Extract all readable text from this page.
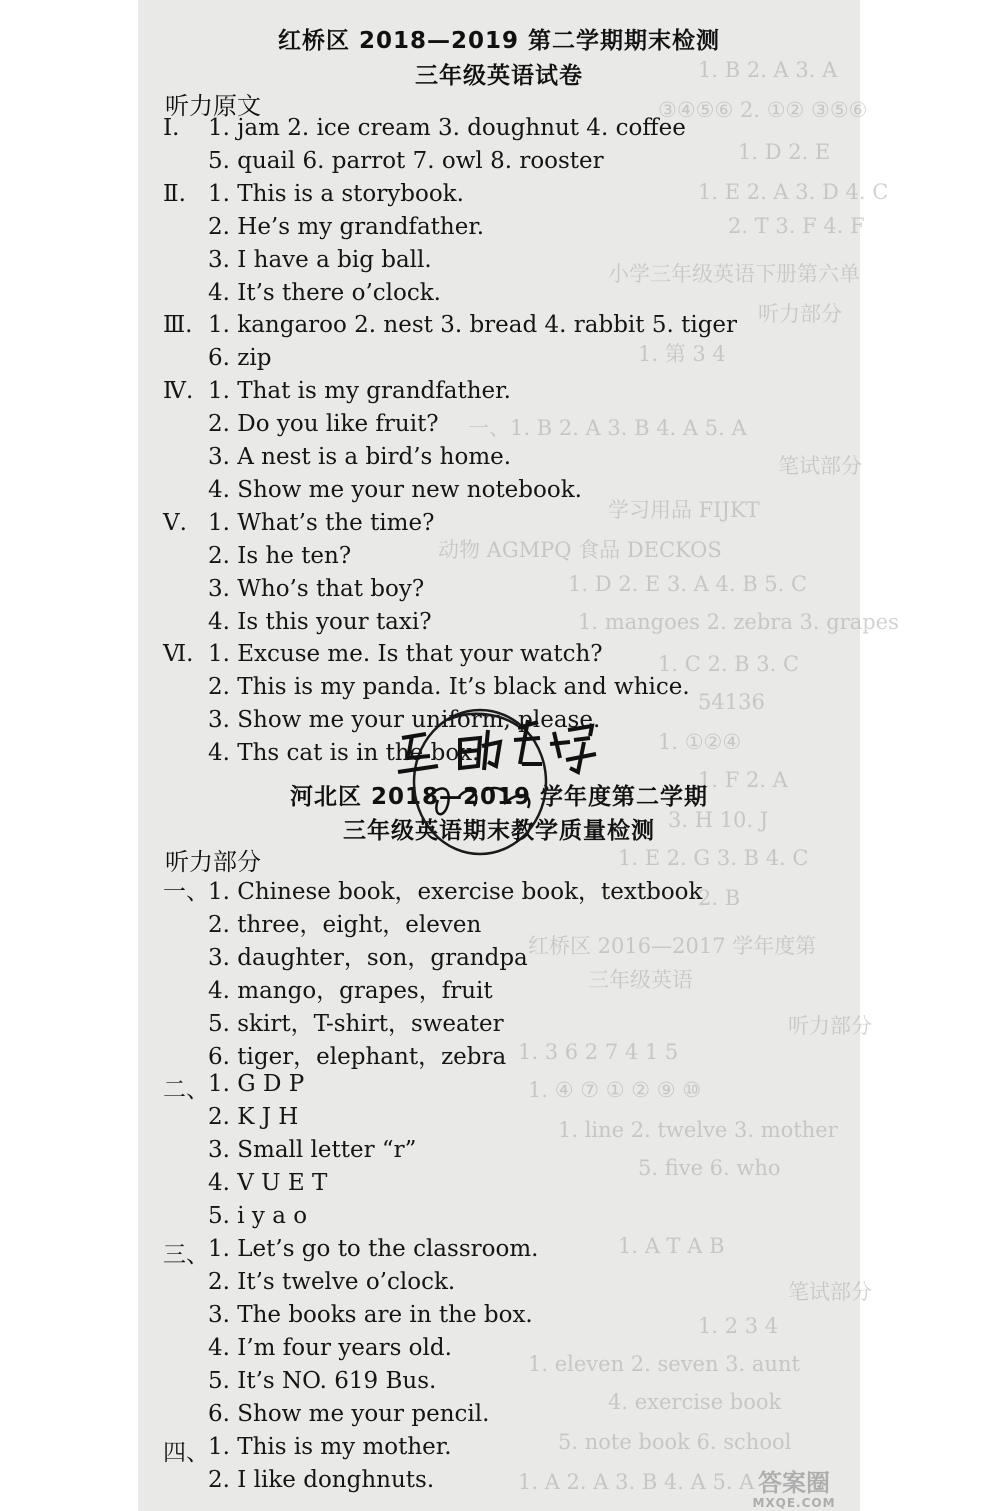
1. B 2. A 3. A
③④⑤⑥ 2. ①② ③⑤⑥
1. D 2. E
1. E 2. A 3. D 4. C
2. T 3. F 4. F
小学三年级英语下册第六单
听力部分
1. 第 3 4
一、1. B 2. A 3. B 4. A 5. A
笔试部分
学习用品 FIJKT
动物 AGMPQ 食品 DECKOS
1. D 2. E 3. A 4. B 5. C
1. mangoes 2. zebra 3. grapes
1. C 2. B 3. C
54136
1. ①②④
1. F 2. A
3. H 10. J
1. E 2. G 3. B 4. C
2. B
红桥区 2016—2017 学年度第
三年级英语
听力部分
1. 3 6 2 7 4 1 5
1. ④ ⑦ ① ② ⑨ ⑩
1. line 2. twelve 3. mother
5. five 6. who
1. A T A B
笔试部分
1. 2 3 4
1. eleven 2. seven 3. aunt
4. exercise book
5. note book 6. school
1. A 2. A 3. B 4. A 5. A
红桥区 2018—2019 第二学期期末检测
三年级英语试卷
听力原文
河北区 2018—2019 学年度第二学期
三年级英语期末教学质量检测
听力部分
Ⅰ. 1. jam 2. ice cream 3. doughnut 4. coffee
5. quail 6. parrot 7. owl 8. rooster
Ⅱ. 1. This is a storybook.
2. He’s my grandfather.
3. I have a big ball.
4. It’s there o’clock.
Ⅲ. 1. kangaroo 2. nest 3. bread 4. rabbit 5. tiger
6. zip
Ⅳ. 1. That is my grandfather.
2. Do you like fruit?
3. A nest is a bird’s home.
4. Show me your new notebook.
Ⅴ. 1. What’s the time?
2. Is he ten?
3. Who’s that boy?
4. Is this your taxi?
Ⅵ. 1. Excuse me. Is that your watch?
2. This is my panda. It’s black and whice.
3. Show me your uniform, please.
4. Ths cat is in the box.
一、 1. Chinese book，exercise book，textbook
2. three，eight，eleven
3. daughter，son，grandpa
4. mango，grapes，fruit
5. skirt，T-shirt，sweater
6. tiger，elephant，zebra
二、 1. G D P
2. K J H
3. Small letter “r”
4. V U E T
5. i y a o
三、 1. Let’s go to the classroom.
2. It’s twelve o’clock.
3. The books are in the box.
4. I’m four years old.
5. It’s NO. 619 Bus.
6. Show me your pencil.
四、 1. This is my mother.
2. I like donghnuts.	答案圈
MXQE.COM
